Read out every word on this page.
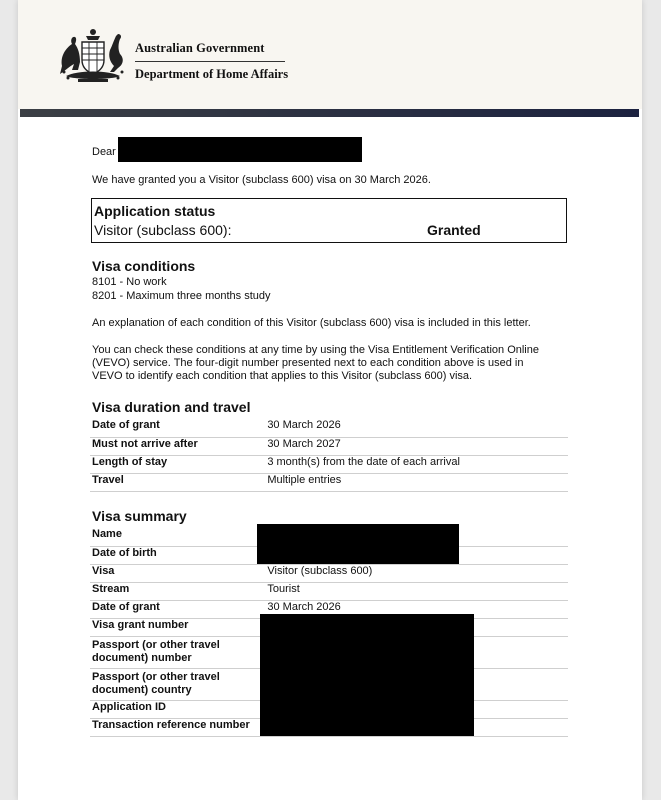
Australian Government
Department of Home Affairs
Dear
We have granted you a Visitor (subclass 600) visa on 30 March 2026.
Application status
Visitor (subclass 600):	Granted
Visa conditions
8101 - No work
8201 - Maximum three months study
An explanation of each condition of this Visitor (subclass 600) visa is included in this letter.
You can check these conditions at any time by using the Visa Entitlement Verification Online
(VEVO) service. The four-digit number presented next to each condition above is used in
VEVO to identify each condition that applies to this Visitor (subclass 600) visa.
Visa duration and travel
Date of grant	30 March 2026
Must not arrive after	30 March 2027
Length of stay	3 month(s) from the date of each arrival
Travel	Multiple entries
Visa summary
Name	
Date of birth	
Visa	Visitor (subclass 600)
Stream	Tourist
Date of grant	30 March 2026
Visa grant number	
Passport (or other travel document) number	
Passport (or other travel document) country	
Application ID	
Transaction reference number	
